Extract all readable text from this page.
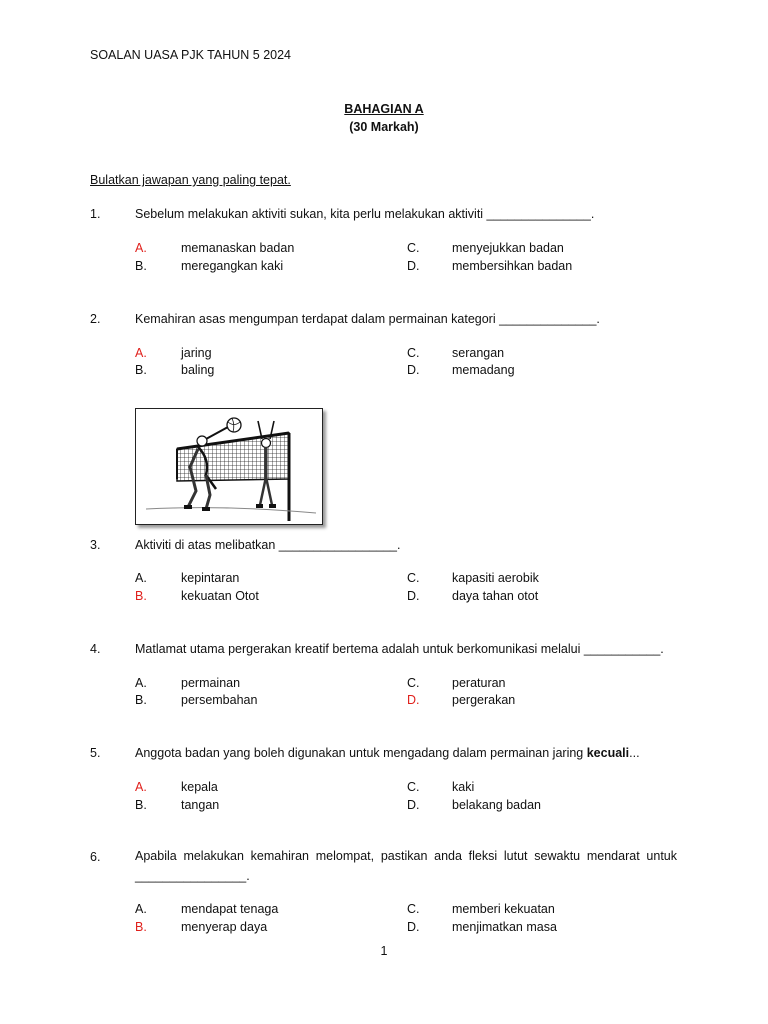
SOALAN UASA PJK TAHUN 5 2024
BAHAGIAN A
(30 Markah)
Bulatkan jawapan yang paling tepat.
1.	Sebelum melakukan aktiviti sukan, kita perlu melakukan aktiviti _______________.
A.	memanaskan badan	C.	menyejukkan badan
B.	meregangkan kaki	D.	membersihkan badan
2.	Kemahiran asas mengumpan terdapat dalam permainan kategori ______________.
A.	jaring	C.	serangan
B.	baling	D.	memadang
3.	Aktiviti di atas melibatkan _________________.
A.	kepintaran	C.	kapasiti aerobik
B.	kekuatan Otot	D.	daya tahan otot
4.	Matlamat utama pergerakan kreatif bertema adalah untuk berkomunikasi melalui ___________.
A.	permainan	C.	peraturan
B.	persembahan	D.	pergerakan
5.	Anggota badan yang boleh digunakan untuk mengadang dalam permainan jaring kecuali...
A.	kepala	C.	kaki
B.	tangan	D.	belakang badan
6.	Apabila melakukan kemahiran melompat, pastikan anda fleksi lutut sewaktu mendarat untuk ________________.
A.	mendapat tenaga	C.	memberi kekuatan
B.	menyerap daya	D.	menjimatkan masa
1
